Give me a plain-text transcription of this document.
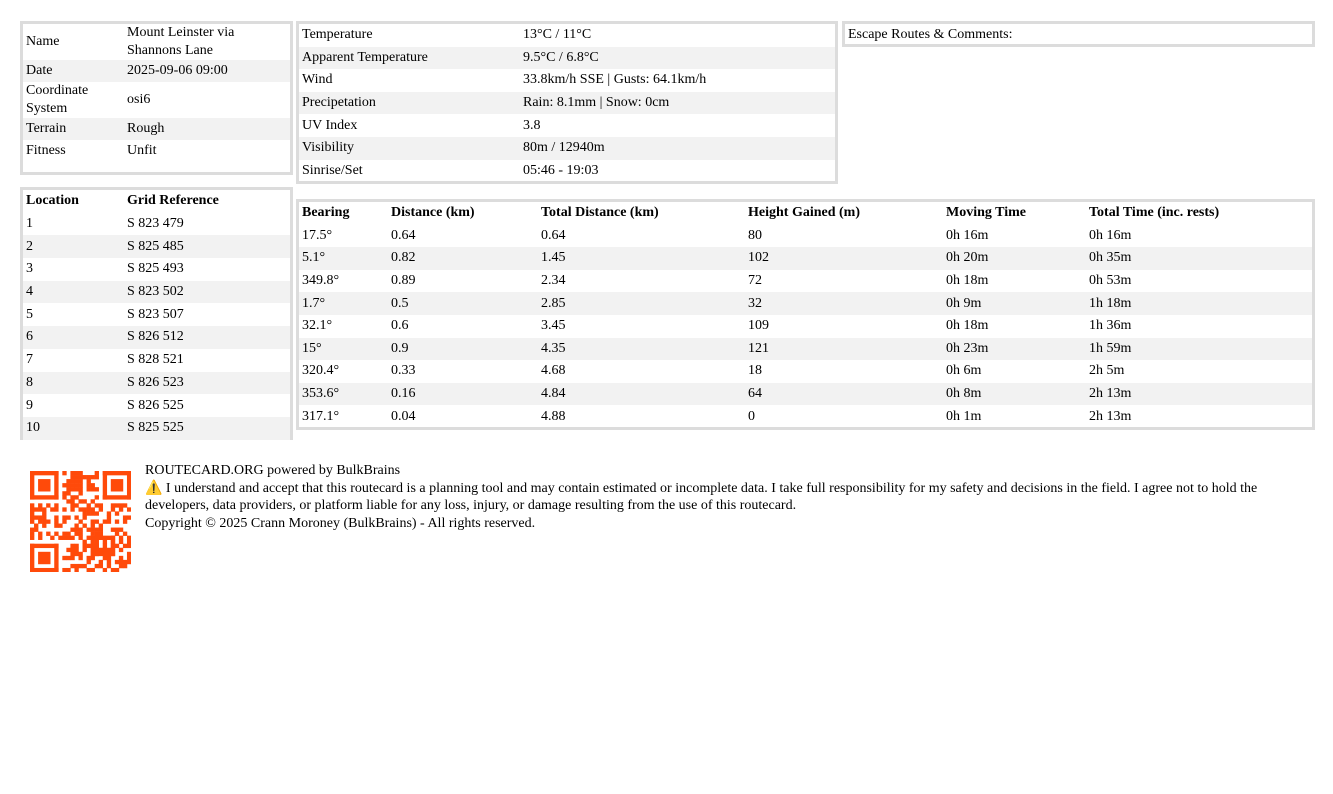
Name	Mount Leinster via Shannons Lane
Date	2025-09-06 09:00
Coordinate System	osi6
Terrain	Rough
Fitness	Unfit
Temperature	13°C / 11°C
Apparent Temperature	9.5°C / 6.8°C
Wind	33.8km/h SSE | Gusts: 64.1km/h
Precipetation	Rain: 8.1mm | Snow: 0cm
UV Index	3.8
Visibility	80m / 12940m
Sinrise/Set	05:46 - 19:03
Escape Routes & Comments:
Location	Grid Reference
1	S 823 479
2	S 825 485
3	S 825 493
4	S 823 502
5	S 823 507
6	S 826 512
7	S 828 521
8	S 826 523
9	S 826 525
10	S 825 525
Bearing	Distance (km)	Total Distance (km)	Height Gained (m)	Moving Time	Total Time (inc. rests)
17.5°	0.64	0.64	80	0h 16m	0h 16m
5.1°	0.82	1.45	102	0h 20m	0h 35m
349.8°	0.89	2.34	72	0h 18m	0h 53m
1.7°	0.5	2.85	32	0h 9m	1h 18m
32.1°	0.6	3.45	109	0h 18m	1h 36m
15°	0.9	4.35	121	0h 23m	1h 59m
320.4°	0.33	4.68	18	0h 6m	2h 5m
353.6°	0.16	4.84	64	0h 8m	2h 13m
317.1°	0.04	4.88	0	0h 1m	2h 13m

ROUTECARD.ORG powered by BulkBrains

⚠️ I understand and accept that this routecard is a planning tool and may contain estimated or incomplete data. I take full responsibility for my safety and decisions in the field. I agree not to hold the developers, data providers, or platform liable for any loss, injury, or damage resulting from the use of this routecard.

Copyright © 2025 Crann Moroney (BulkBrains) - All rights reserved.
